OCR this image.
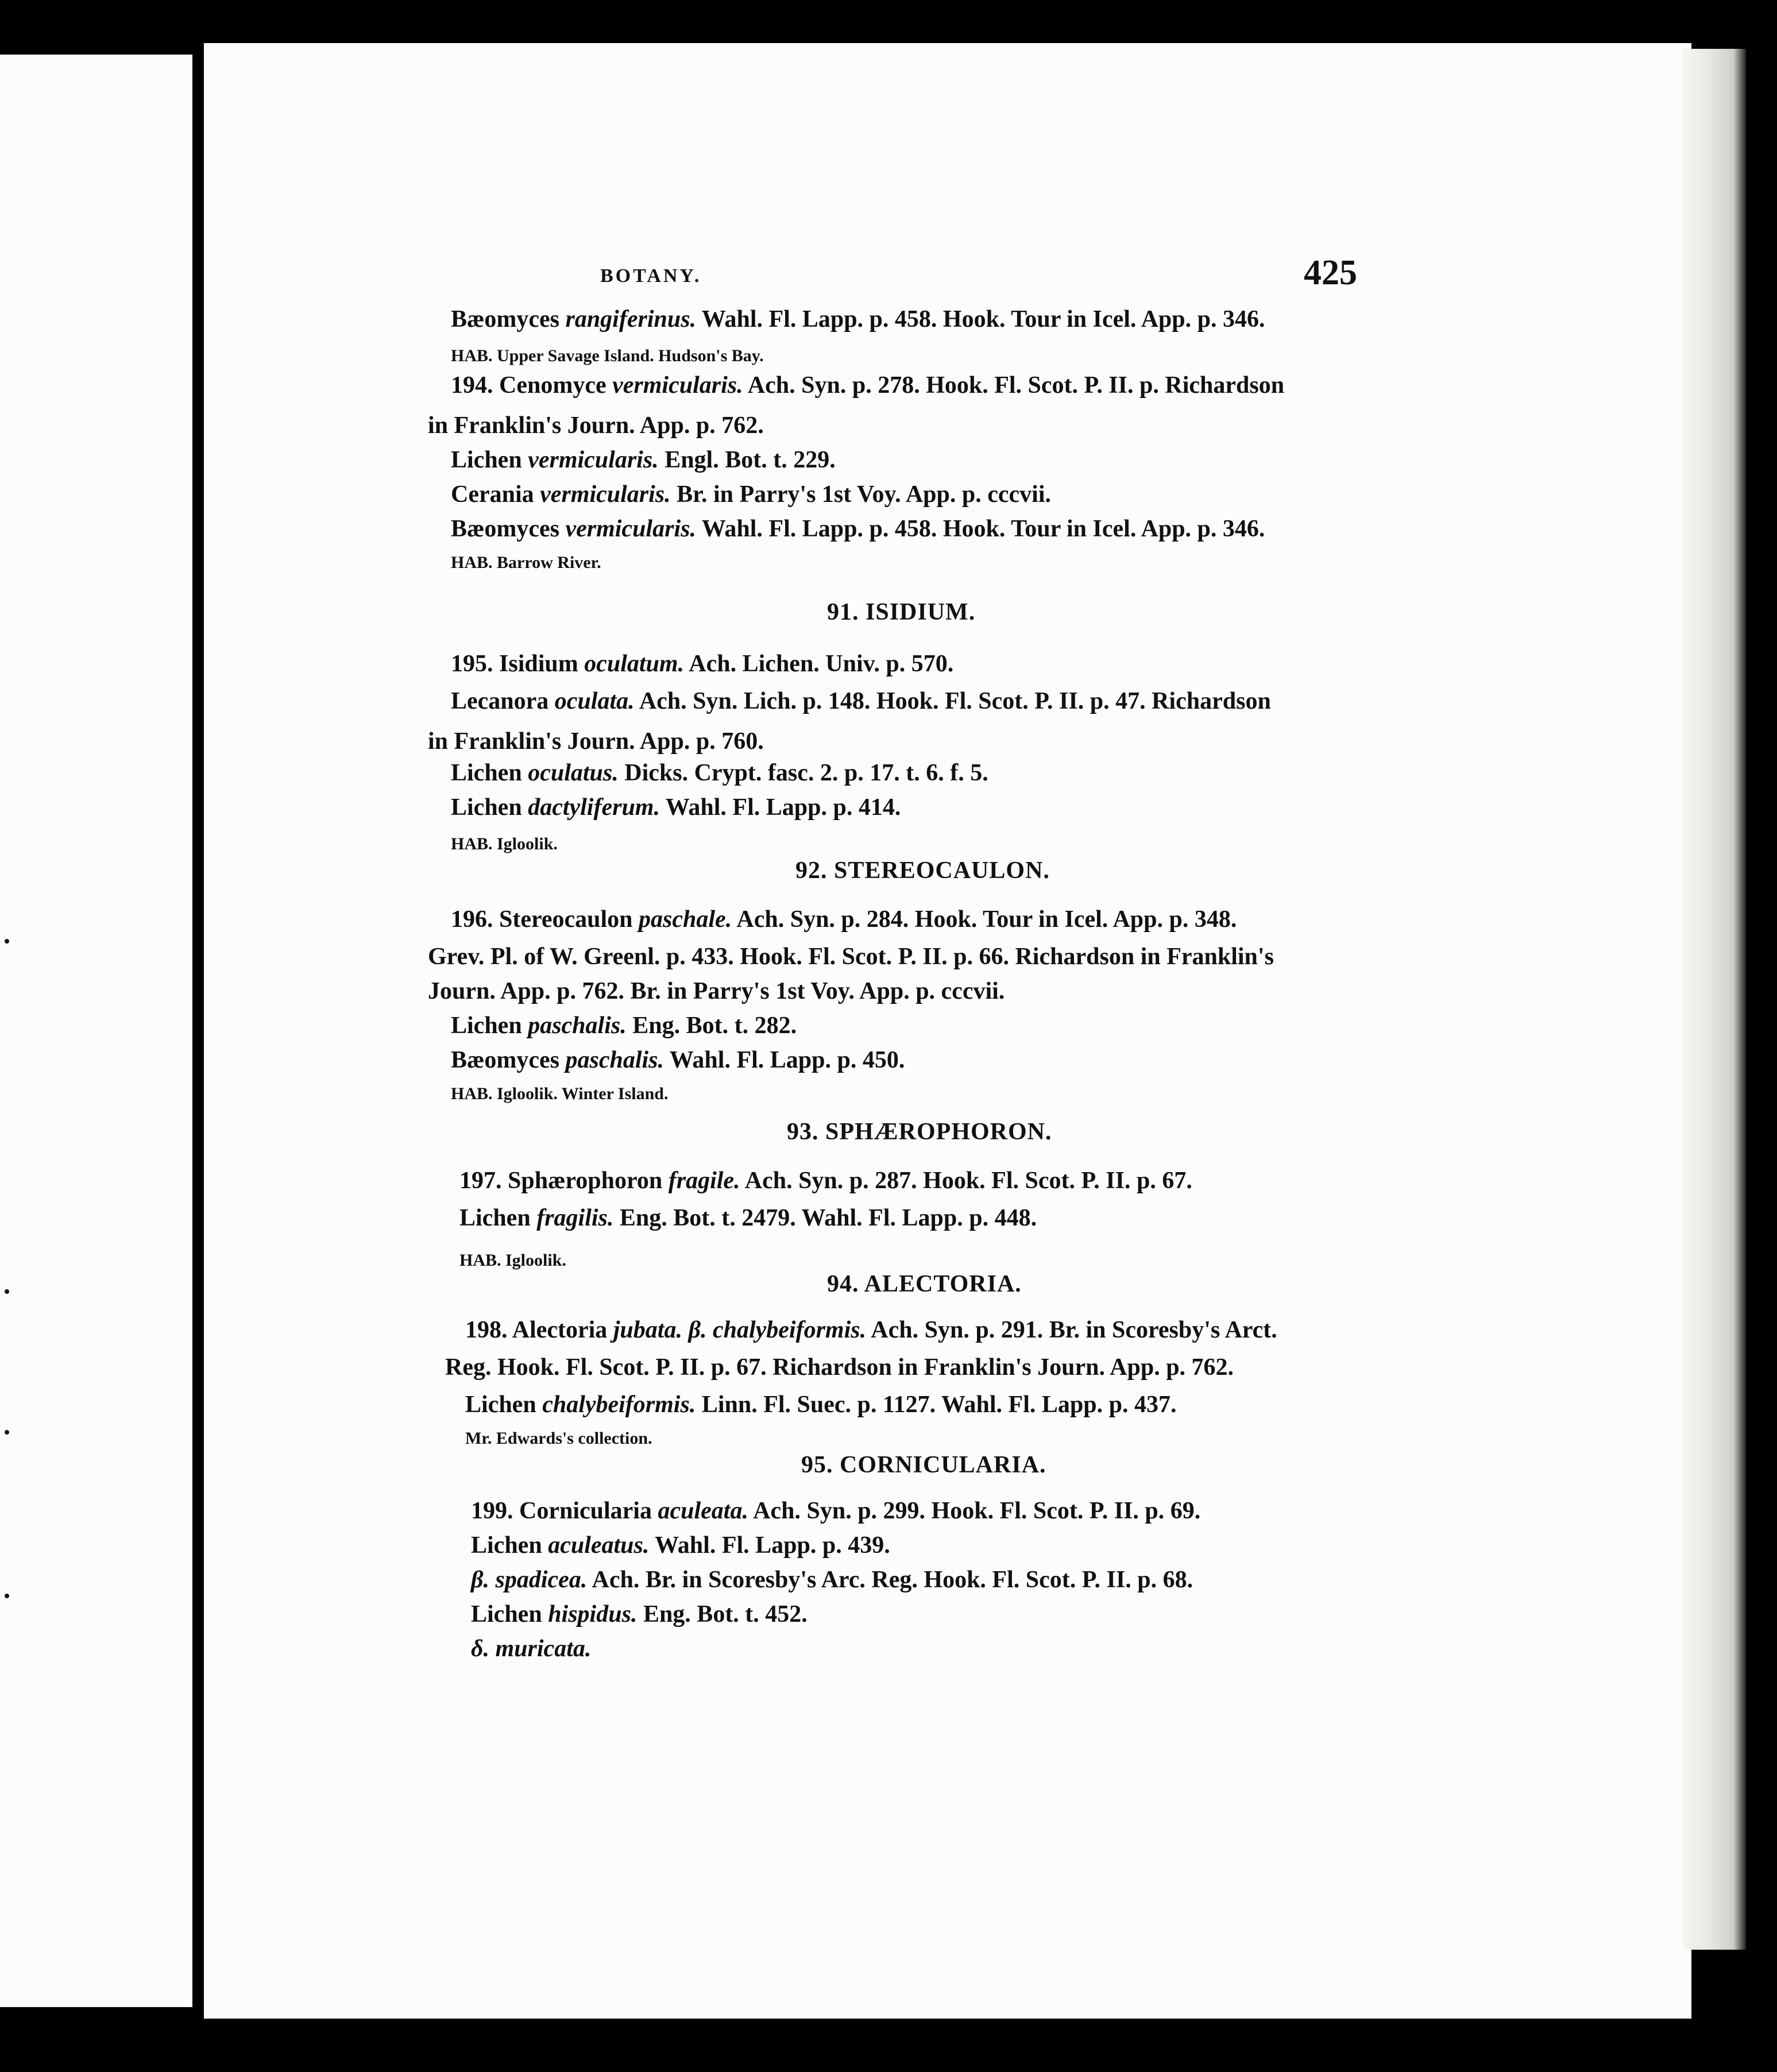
BOTANY.	425
Bæomyces rangiferinus. Wahl. Fl. Lapp. p. 458. Hook. Tour in Icel. App. p. 346.
HAB. Upper Savage Island. Hudson's Bay.
194. Cenomyce vermicularis. Ach. Syn. p. 278. Hook. Fl. Scot. P. II. p. Richardson
in Franklin's Journ. App. p. 762.
Lichen vermicularis. Engl. Bot. t. 229.
Cerania vermicularis. Br. in Parry's 1st Voy. App. p. cccvii.
Bæomyces vermicularis. Wahl. Fl. Lapp. p. 458. Hook. Tour in Icel. App. p. 346.
HAB. Barrow River.
91. ISIDIUM.
195. Isidium oculatum. Ach. Lichen. Univ. p. 570.
Lecanora oculata. Ach. Syn. Lich. p. 148. Hook. Fl. Scot. P. II. p. 47. Richardson
in Franklin's Journ. App. p. 760.
Lichen oculatus. Dicks. Crypt. fasc. 2. p. 17. t. 6. f. 5.
Lichen dactyliferum. Wahl. Fl. Lapp. p. 414.
HAB. Igloolik.
92. STEREOCAULON.
196. Stereocaulon paschale. Ach. Syn. p. 284. Hook. Tour in Icel. App. p. 348.
Grev. Pl. of W. Greenl. p. 433. Hook. Fl. Scot. P. II. p. 66. Richardson in Franklin's
Journ. App. p. 762. Br. in Parry's 1st Voy. App. p. cccvii.
Lichen paschalis. Eng. Bot. t. 282.
Bæomyces paschalis. Wahl. Fl. Lapp. p. 450.
HAB. Igloolik. Winter Island.
93. SPHÆROPHORON.
197. Sphærophoron fragile. Ach. Syn. p. 287. Hook. Fl. Scot. P. II. p. 67.
Lichen fragilis. Eng. Bot. t. 2479. Wahl. Fl. Lapp. p. 448.
HAB. Igloolik.
94. ALECTORIA.
198. Alectoria jubata. β. chalybeiformis. Ach. Syn. p. 291. Br. in Scoresby's Arct.
Reg. Hook. Fl. Scot. P. II. p. 67. Richardson in Franklin's Journ. App. p. 762.
Lichen chalybeiformis. Linn. Fl. Suec. p. 1127. Wahl. Fl. Lapp. p. 437.
Mr. Edwards's collection.
95. CORNICULARIA.
199. Cornicularia aculeata. Ach. Syn. p. 299. Hook. Fl. Scot. P. II. p. 69.
Lichen aculeatus. Wahl. Fl. Lapp. p. 439.
β. spadicea. Ach. Br. in Scoresby's Arc. Reg. Hook. Fl. Scot. P. II. p. 68.
Lichen hispidus. Eng. Bot. t. 452.
δ. muricata.
